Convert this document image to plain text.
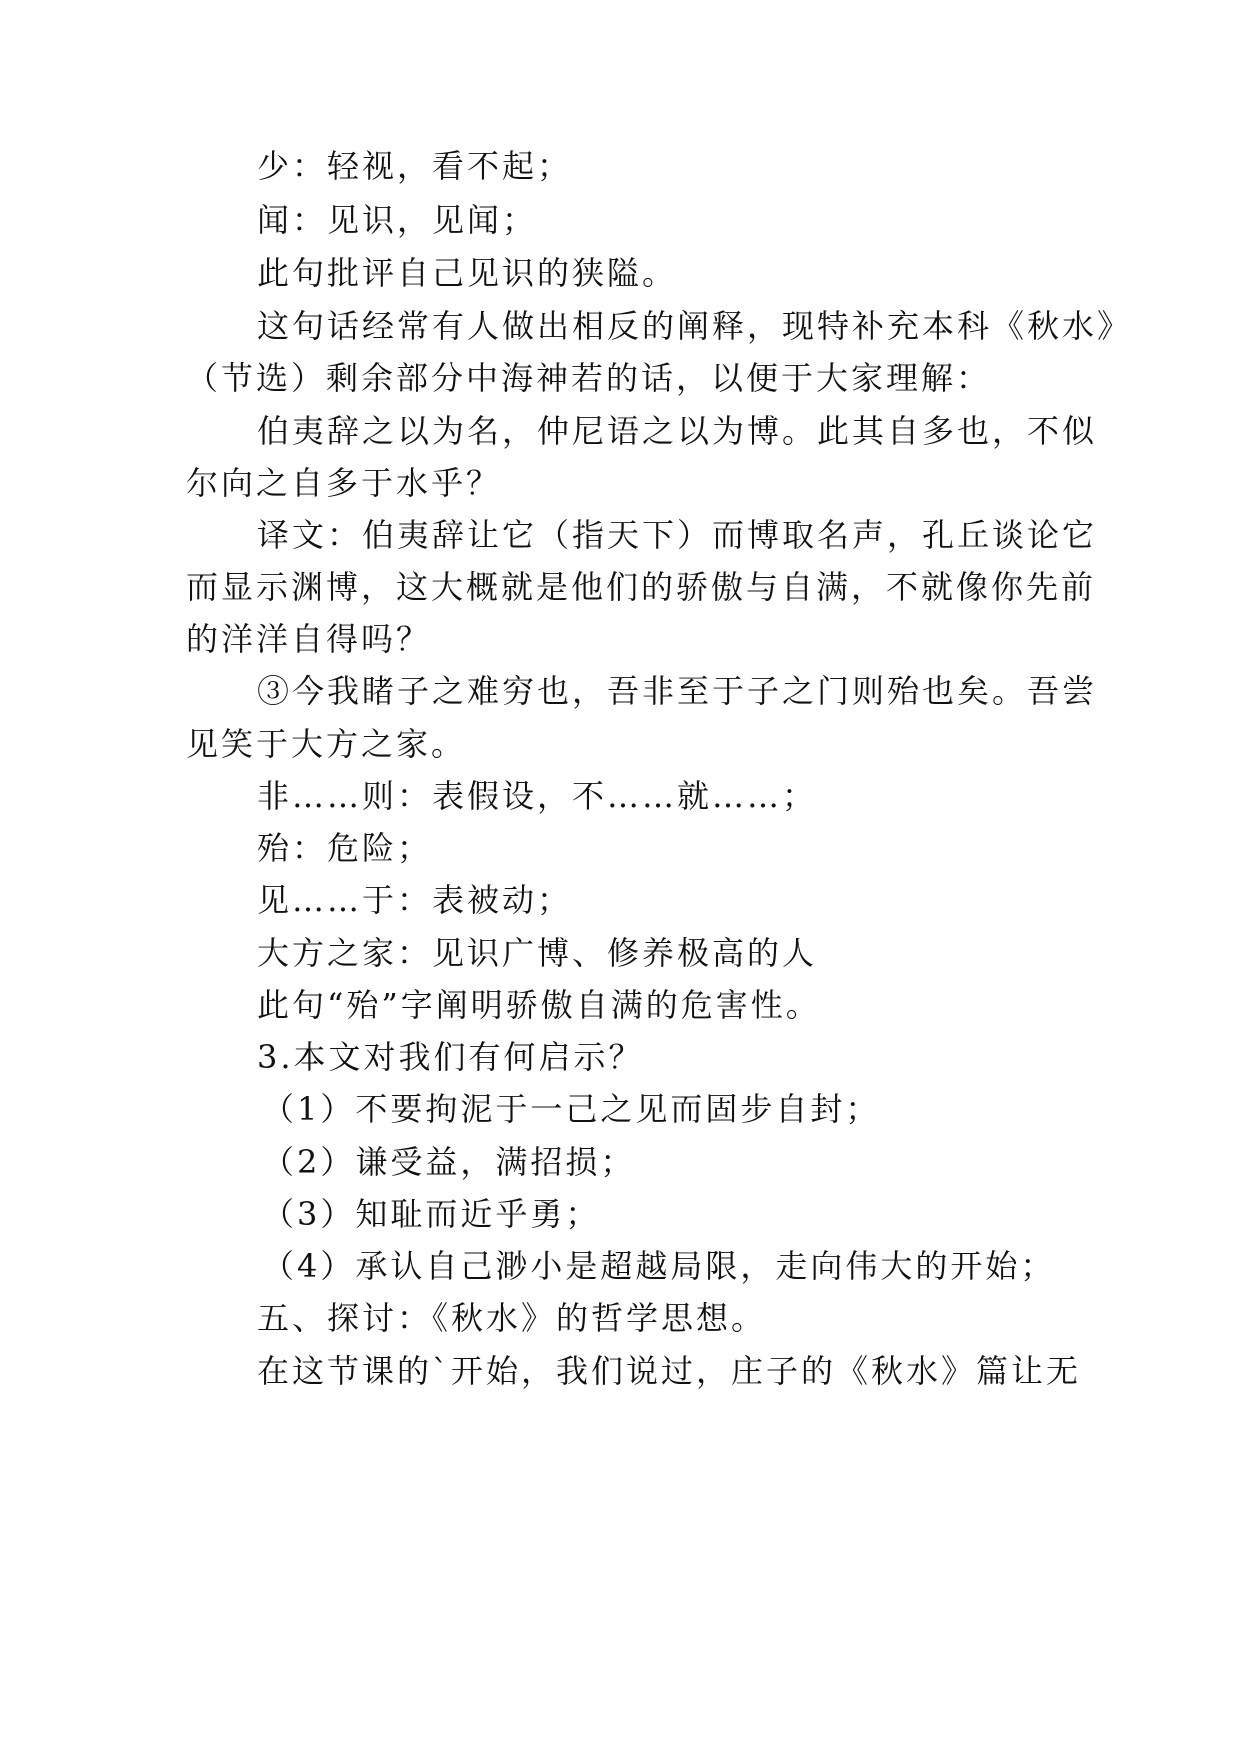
少：轻视，看不起；
闻：见识，见闻；
此句批评自己见识的狭隘。
这句话经常有人做出相反的阐释，现特补充本科《秋水》
（节选）剩余部分中海神若的话，以便于大家理解：
伯夷辞之以为名，仲尼语之以为博。此其自多也，不似
尔向之自多于水乎？
译文：伯夷辞让它（指天下）而博取名声，孔丘谈论它
而显示渊博，这大概就是他们的骄傲与自满，不就像你先前
的洋洋自得吗？
③今我睹子之难穷也，吾非至于子之门则殆也矣。吾尝
见笑于大方之家。
非……则：表假设，不……就……；
殆：危险；
见……于：表被动；
大方之家：见识广博、修养极高的人
此句“殆”字阐明骄傲自满的危害性。
3.本文对我们有何启示？
（1）不要拘泥于一己之见而固步自封；
（2）谦受益，满招损；
（3）知耻而近乎勇；
（4）承认自己渺小是超越局限，走向伟大的开始；
五、探讨：《秋水》的哲学思想。
在这节课的`开始，我们说过，庄子的《秋水》篇让无
